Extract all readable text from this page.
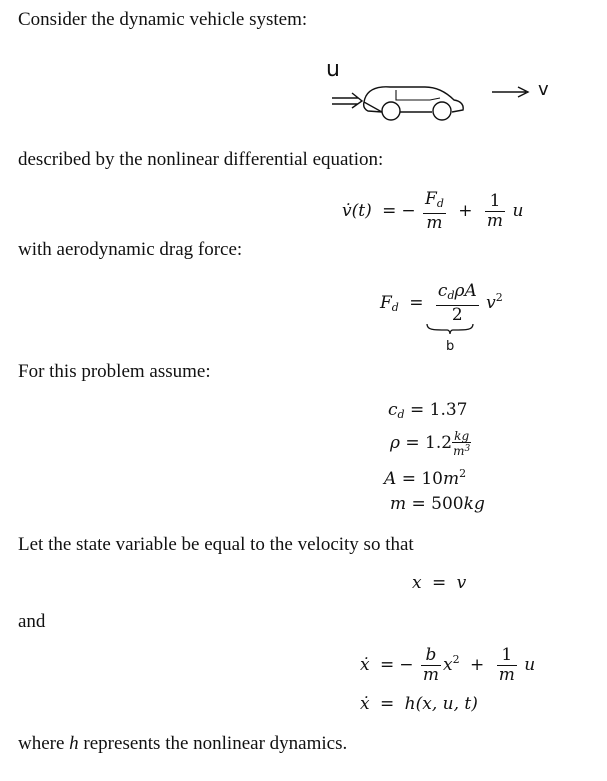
Consider the dynamic vehicle system:
u
v
described by the nonlinear differential equation:
v̇(t) = − $\frac{F_d}{m} + \frac{1}{m}$ u
with aerodynamic drag force:
$F_d = \frac{c_d\rho A}{2} v^2$
b
For this problem assume:
$c_d = 1.37$
$\rho = 1.2 \frac{kg}{m^3}$
$A = 10m^2$
m = 500kg
Let the state variable be equal to the velocity so that
x = v
and
ẋ = − $\frac{b}{m} x^2 + \frac{1}{m}$ u
ẋ = h(x, u, t)
where h represents the nonlinear dynamics.
